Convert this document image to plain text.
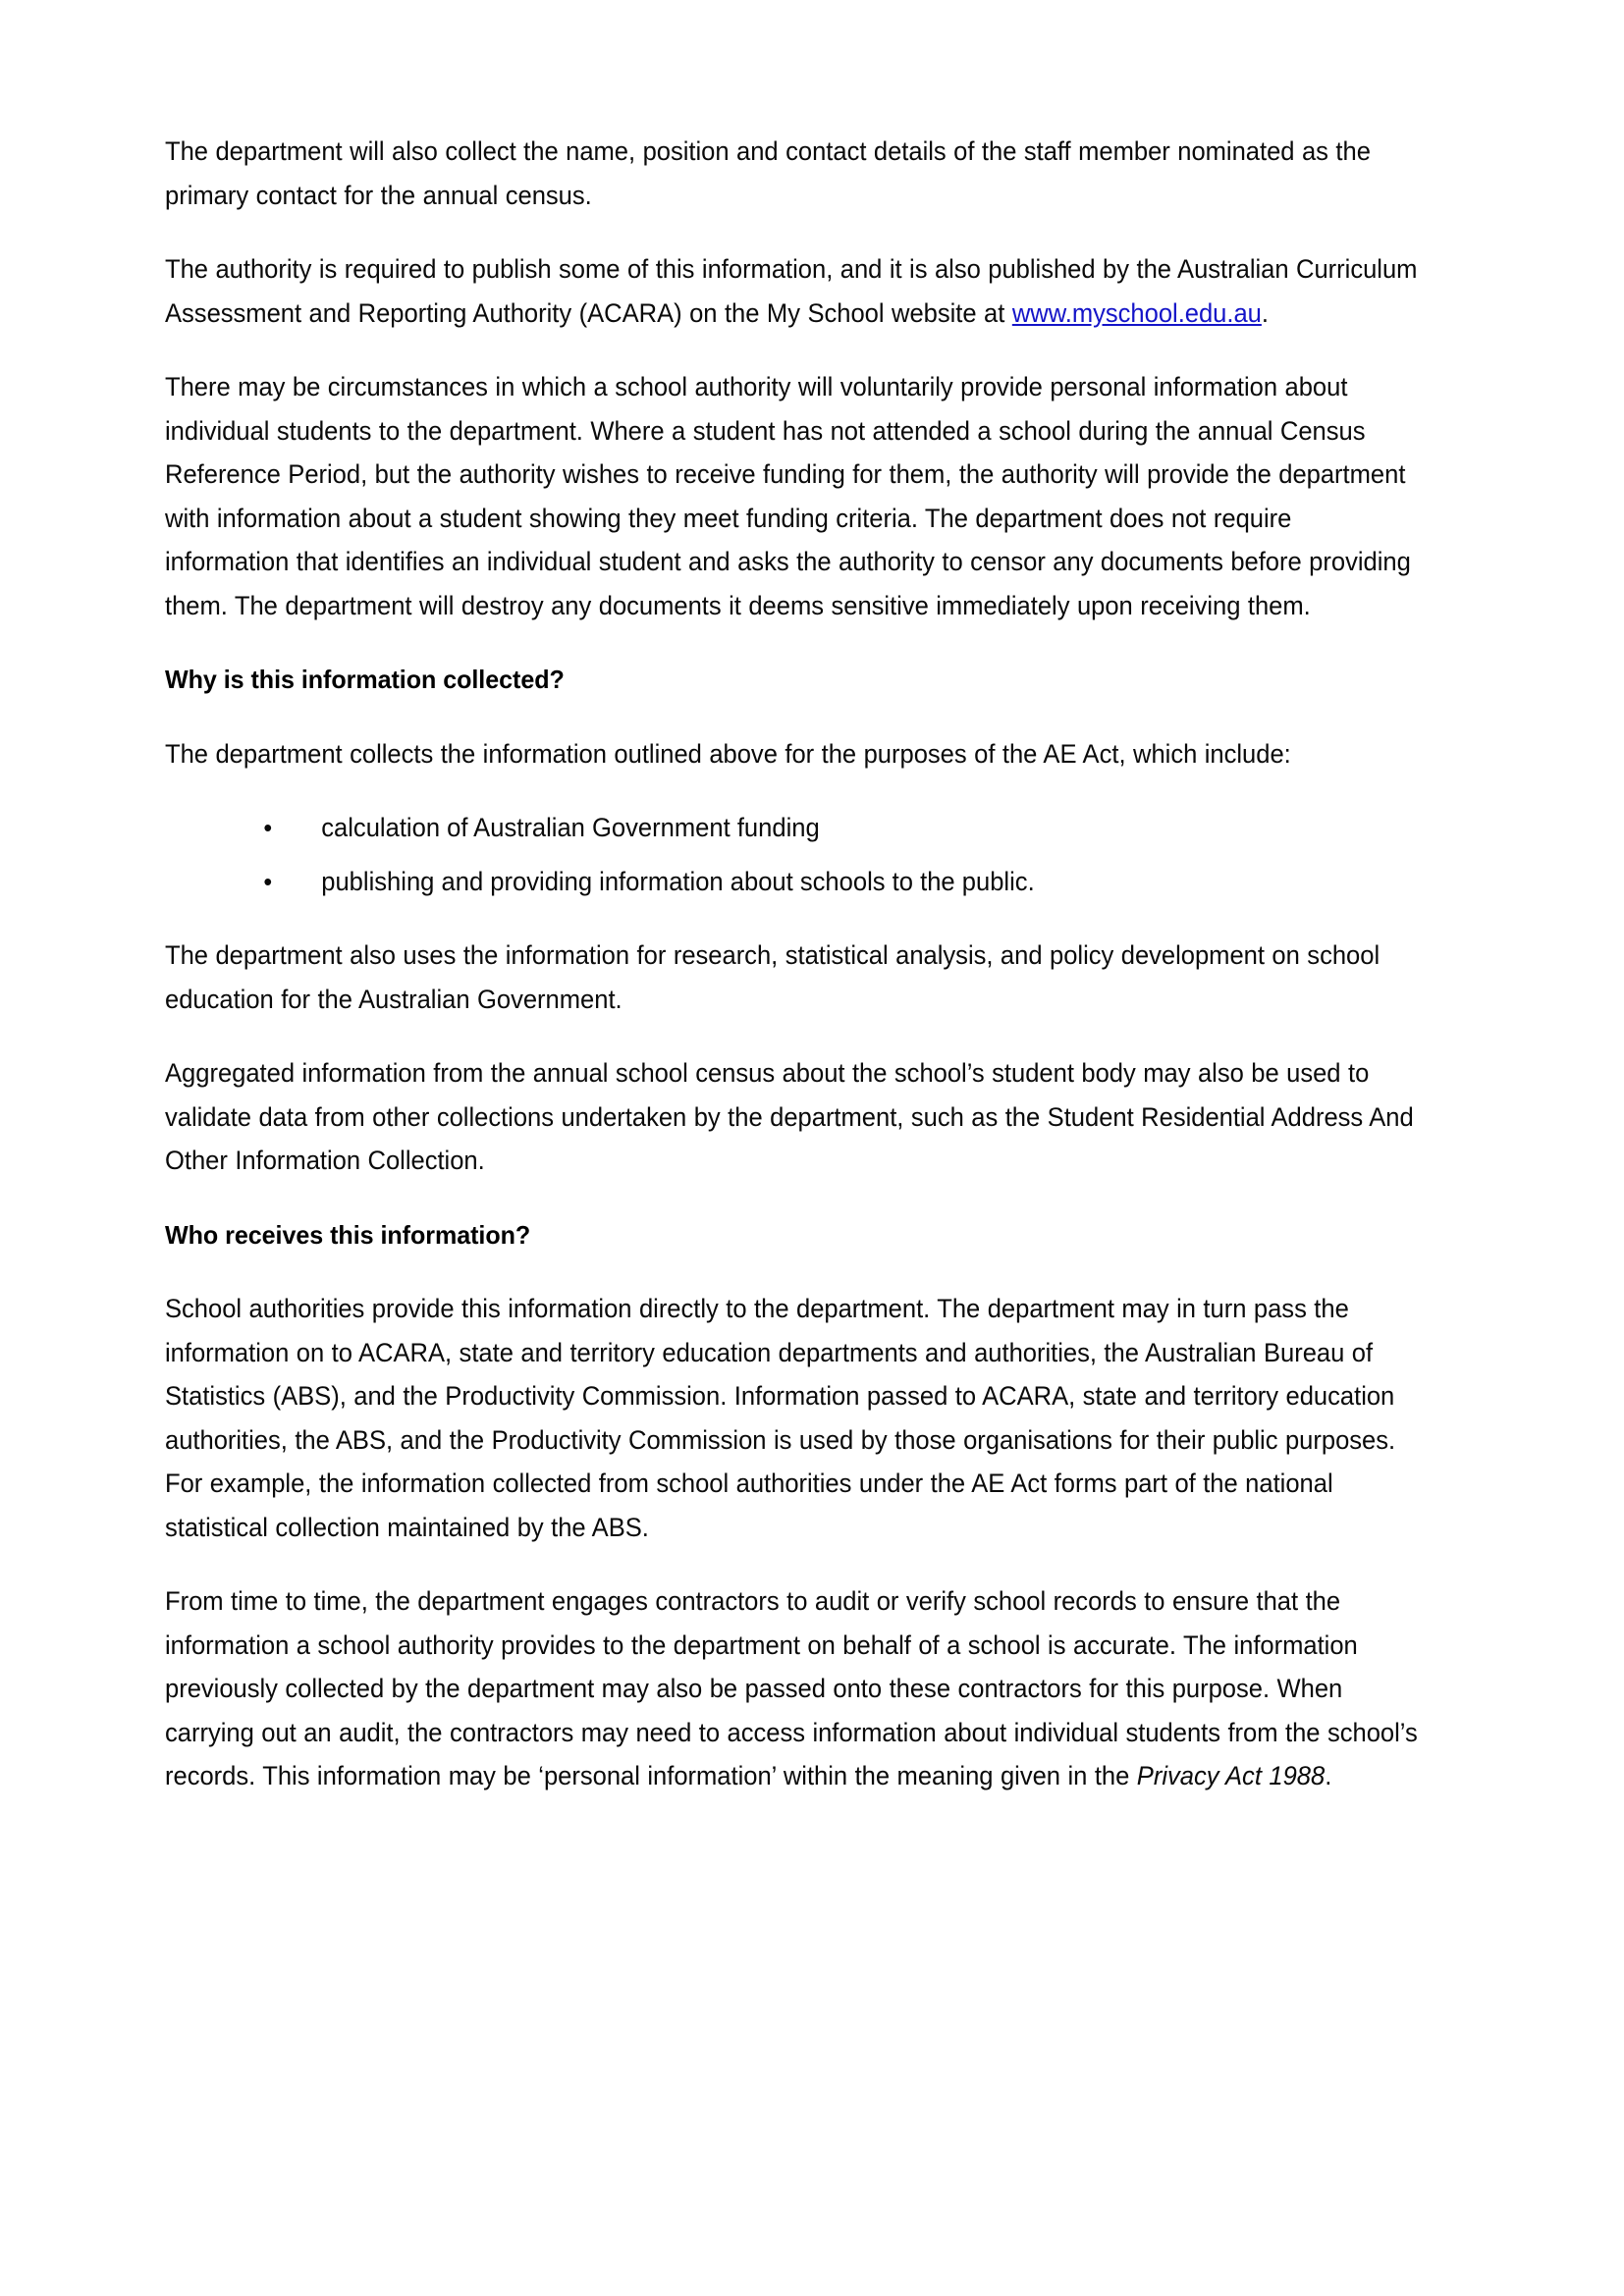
The department will also collect the name, position and contact details of the staff member nominated as the primary contact for the annual census.

The authority is required to publish some of this information, and it is also published by the Australian Curriculum Assessment and Reporting Authority (ACARA) on the My School website at www.myschool.edu.au.

There may be circumstances in which a school authority will voluntarily provide personal information about individual students to the department. Where a student has not attended a school during the annual Census Reference Period, but the authority wishes to receive funding for them, the authority will provide the department with information about a student showing they meet funding criteria. The department does not require information that identifies an individual student and asks the authority to censor any documents before providing them. The department will destroy any documents it deems sensitive immediately upon receiving them.

Why is this information collected?

The department collects the information outlined above for the purposes of the AE Act, which include:

• calculation of Australian Government funding
• publishing and providing information about schools to the public.

The department also uses the information for research, statistical analysis, and policy development on school education for the Australian Government.

Aggregated information from the annual school census about the school’s student body may also be used to validate data from other collections undertaken by the department, such as the Student Residential Address And Other Information Collection.

Who receives this information?

School authorities provide this information directly to the department. The department may in turn pass the information on to ACARA, state and territory education departments and authorities, the Australian Bureau of Statistics (ABS), and the Productivity Commission. Information passed to ACARA, state and territory education authorities, the ABS, and the Productivity Commission is used by those organisations for their public purposes. For example, the information collected from school authorities under the AE Act forms part of the national statistical collection maintained by the ABS.

From time to time, the department engages contractors to audit or verify school records to ensure that the information a school authority provides to the department on behalf of a school is accurate. The information previously collected by the department may also be passed onto these contractors for this purpose. When carrying out an audit, the contractors may need to access information about individual students from the school’s records. This information may be ‘personal information’ within the meaning given in the Privacy Act 1988.
